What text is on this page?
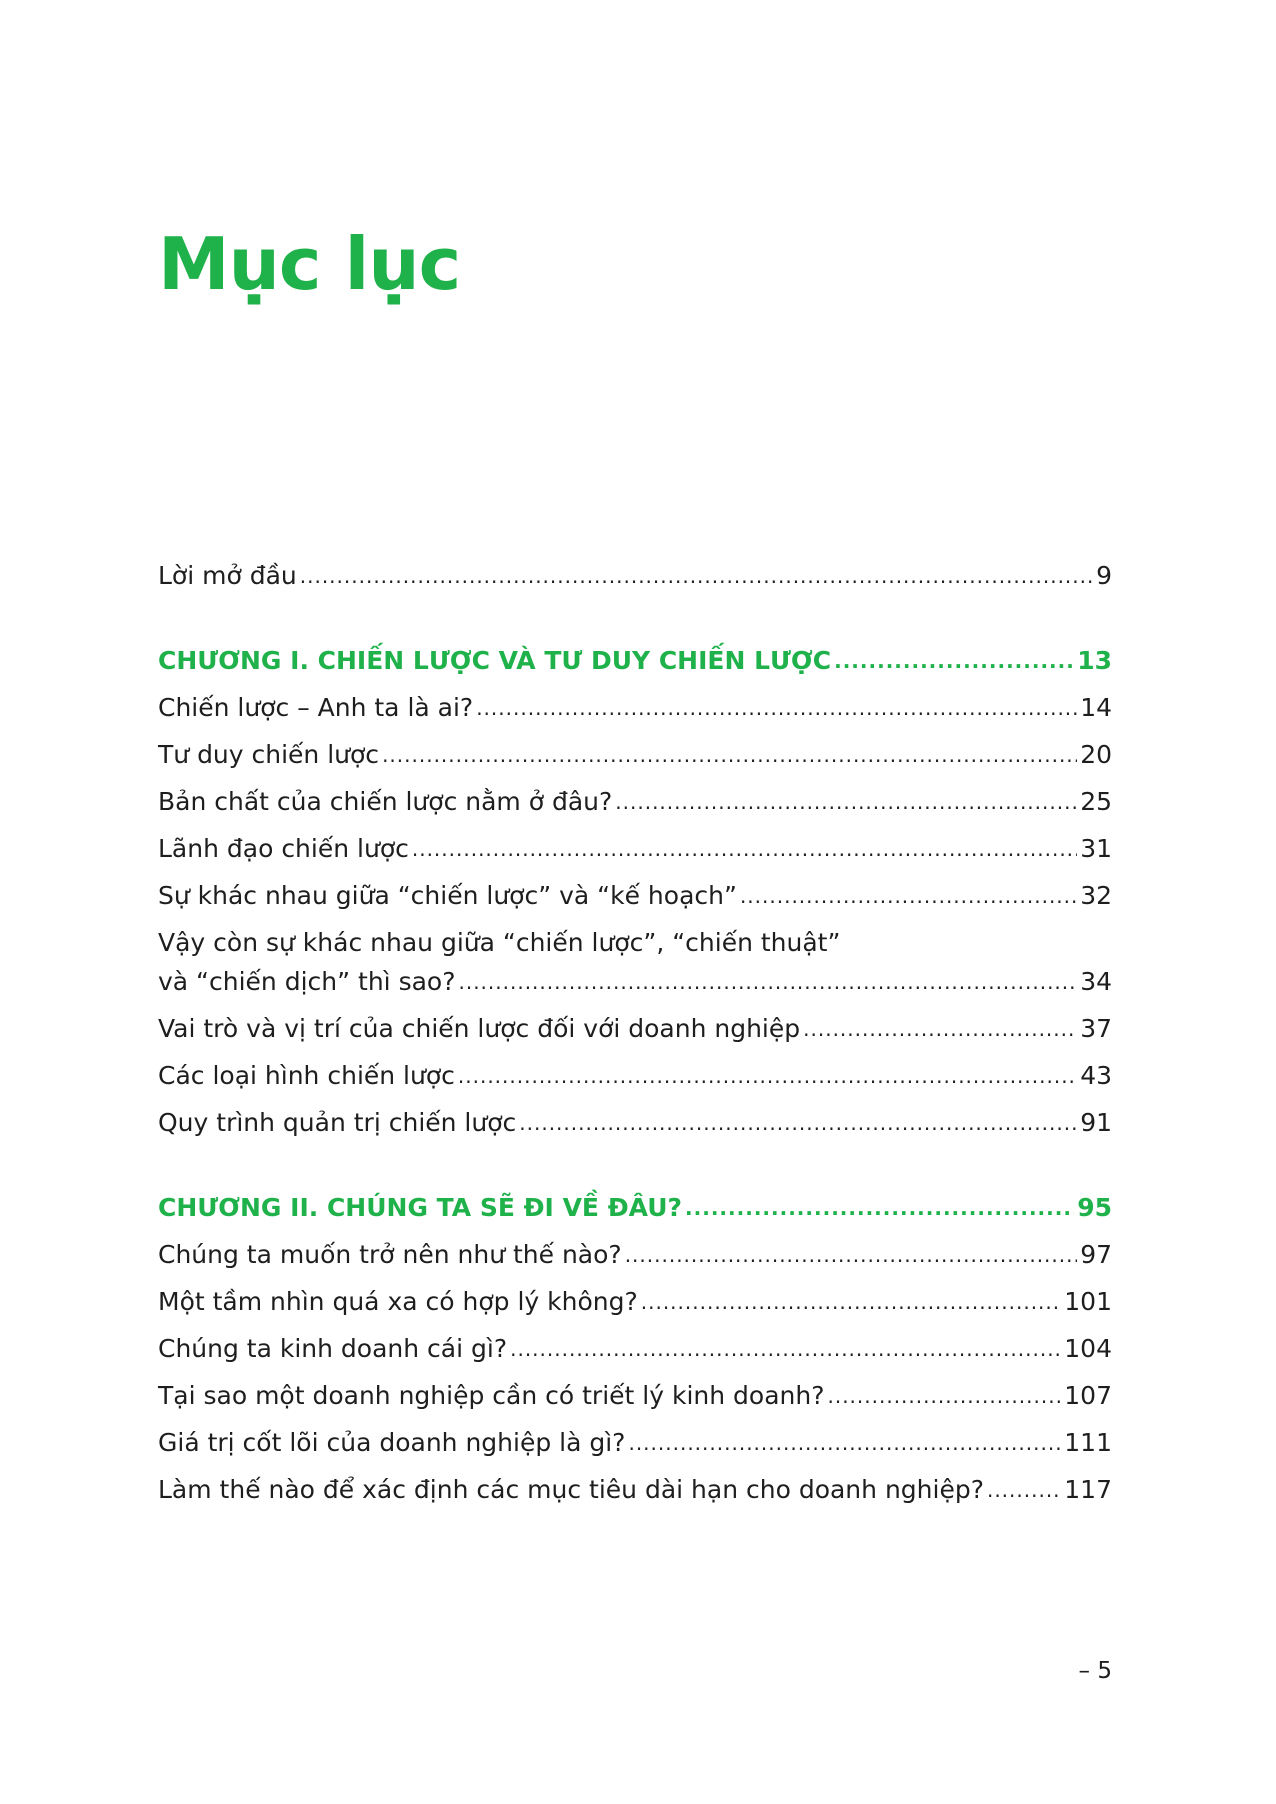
Mục lục
Lời mở đầu .....	9
CHƯƠNG I. CHIẾN LƯỢC VÀ TƯ DUY CHIẾN LƯỢC .....	13
Chiến lược – Anh ta là ai? .....	14
Tư duy chiến lược .....	20
Bản chất của chiến lược nằm ở đâu? .....	25
Lãnh đạo chiến lược .....	31
Sự khác nhau giữa “chiến lược” và “kế hoạch” .....	32
Vậy còn sự khác nhau giữa “chiến lược”, “chiến thuật”
và “chiến dịch” thì sao? .....	34
Vai trò và vị trí của chiến lược đối với doanh nghiệp .....	37
Các loại hình chiến lược .....	43
Quy trình quản trị chiến lược .....	91
CHƯƠNG II. CHÚNG TA SẼ ĐI VỀ ĐÂU? .....	95
Chúng ta muốn trở nên như thế nào? .....	97
Một tầm nhìn quá xa có hợp lý không? .....	101
Chúng ta kinh doanh cái gì? .....	104
Tại sao một doanh nghiệp cần có triết lý kinh doanh? .....	107
Giá trị cốt lõi của doanh nghiệp là gì? .....	111
Làm thế nào để xác định các mục tiêu dài hạn cho doanh nghiệp? .....	117
– 5
